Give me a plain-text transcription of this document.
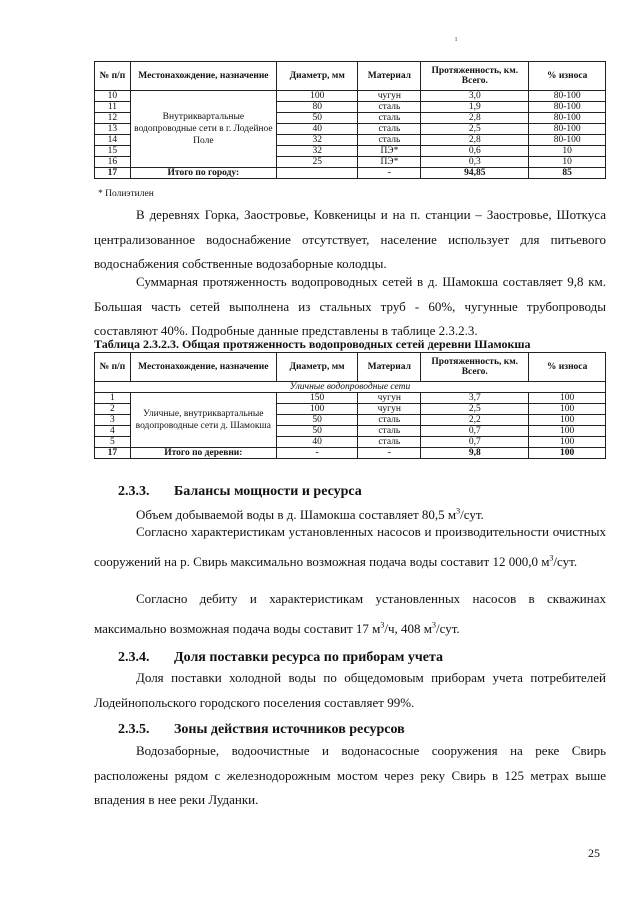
ı
№ п/п	Местонахождение, назначение	Диаметр, мм	Материал	Протяженность, км. Всего.	% износа
10	Внутриквартальные водопроводные сети в г. Лодейное Поле	100	чугун	3,0	80-100
11		80	сталь	1,9	80-100
12		50	сталь	2,8	80-100
13		40	сталь	2,5	80-100
14		32	сталь	2,8	80-100
15		32	ПЭ*	0,6	10
16		25	ПЭ*	0,3	10
17	Итого по городу:		-	94,85	85
* Полиэтилен

В деревнях Горка, Заостровье, Ковкеницы и на п. станции – Заостровье, Шоткуса централизованное водоснабжение отсутствует, население использует для питьевого водоснабжения собственные водозаборные колодцы.

Суммарная протяженность водопроводных сетей в д. Шамокша составляет 9,8 км. Большая часть сетей выполнена из стальных труб - 60%, чугунные трубопроводы составляют 40%. Подробные данные представлены в таблице 2.3.2.3.

Таблица 2.3.2.3. Общая протяженность водопроводных сетей деревни Шамокша
№ п/п	Местонахождение, назначение	Диаметр, мм	Материал	Протяженность, км. Всего.	% износа
Уличные водопроводные сети					
1	Уличные, внутриквартальные водопроводные сети д. Шамокша	150	чугун	3,7	100
2		100	чугун	2,5	100
3		50	сталь	2,2	100
4		50	сталь	0,7	100
5		40	сталь	0,7	100
17	Итого по деревни:	-	-	9,8	100
2.3.3. Балансы мощности и ресурса

Объем добываемой воды в д. Шамокша составляет 80,5 $м^3$/сут.

Согласно характеристикам установленных насосов и производительности очистных сооружений на р. Свирь максимально возможная подача воды составит 12 000,0 $м^3$/сут.

Согласно дебиту и характеристикам установленных насосов в скважинах максимально возможная подача воды составит 17 $м^3/ч$, 408 $м^3$/сут.

2.3.4. Доля поставки ресурса по приборам учета

Доля поставки холодной воды по общедомовым приборам учета потребителей Лодейнопольского городского поселения составляет 99%.

2.3.5. Зоны действия источников ресурсов

Водозаборные, водоочистные и водонасосные сооружения на реке Свирь расположены рядом с железнодорожным мостом через реку Свирь в 125 метрах выше впадения в нее реки Луданки.

25
